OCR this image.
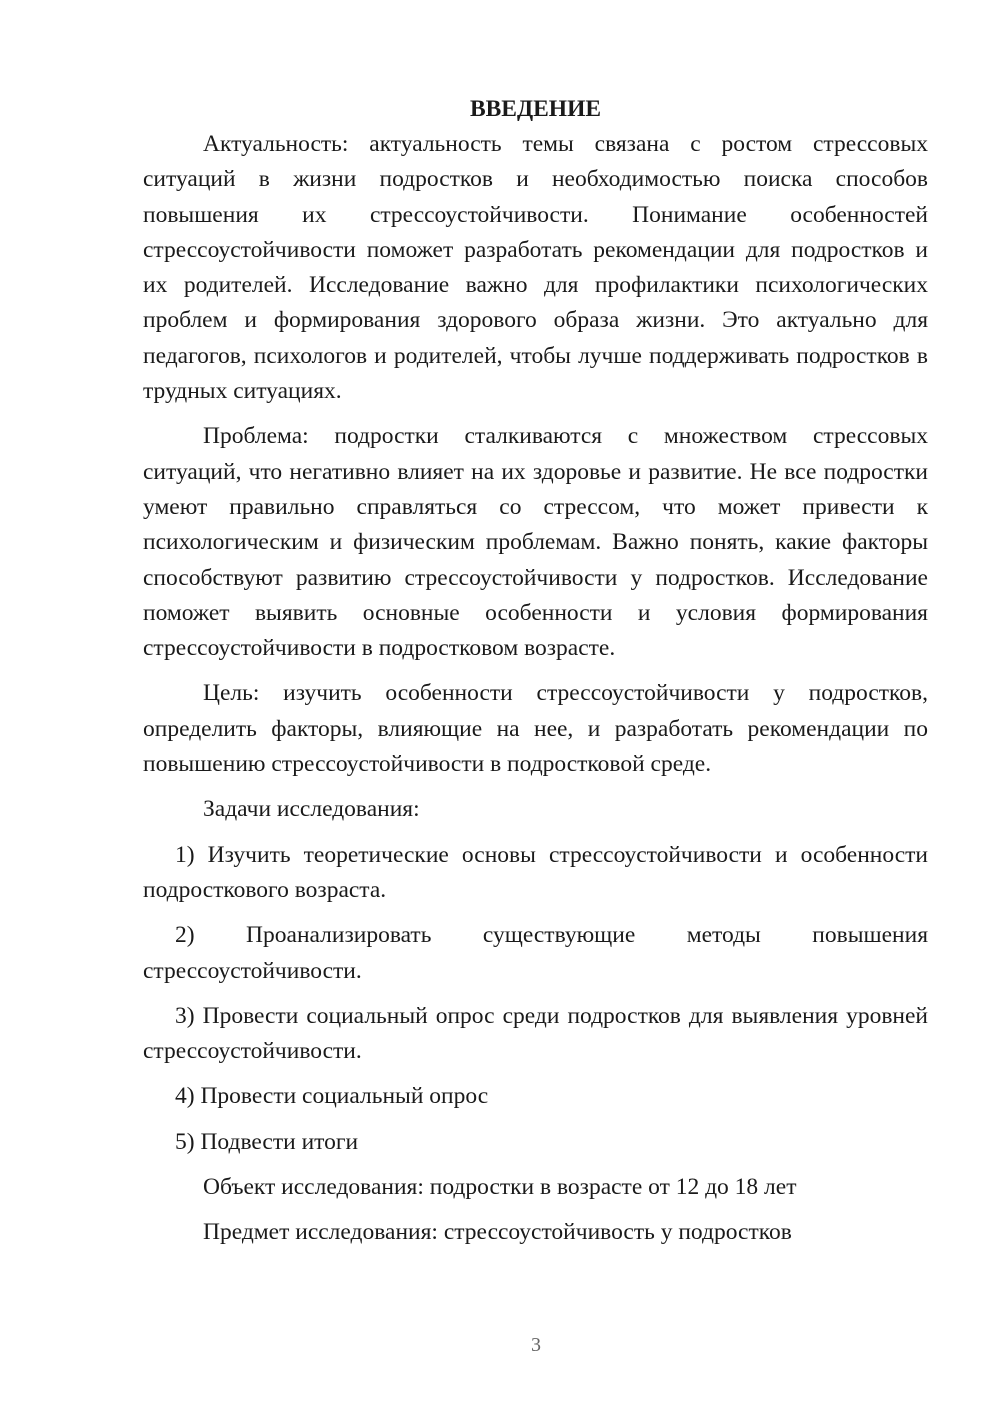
ВВЕДЕНИЕ

Актуальность: актуальность темы связана с ростом стрессовых ситуаций в жизни подростков и необходимостью поиска способов повышения их стрессоустойчивости. Понимание особенностей стрессоустойчивости поможет разработать рекомендации для подростков и их родителей. Исследование важно для профилактики психологических проблем и формирования здорового образа жизни. Это актуально для педагогов, психологов и родителей, чтобы лучше поддерживать подростков в трудных ситуациях.

Проблема: подростки сталкиваются с множеством стрессовых ситуаций, что негативно влияет на их здоровье и развитие. Не все подростки умеют правильно справляться со стрессом, что может привести к психологическим и физическим проблемам. Важно понять, какие факторы способствуют развитию стрессоустойчивости у подростков. Исследование поможет выявить основные особенности и условия формирования стрессоустойчивости в подростковом возрасте.

Цель: изучить особенности стрессоустойчивости у подростков, определить факторы, влияющие на нее, и разработать рекомендации по повышению стрессоустойчивости в подростковой среде.

Задачи исследования:

1) Изучить теоретические основы стрессоустойчивости и особенности подросткового возраста.

2) Проанализировать существующие методы повышения стрессоустойчивости.

3) Провести социальный опрос среди подростков для выявления уровней стрессоустойчивости.

4) Провести социальный опрос

5) Подвести итоги

Объект исследования: подростки в возрасте от 12 до 18 лет

Предмет исследования: стрессоустойчивость у подростков

3
